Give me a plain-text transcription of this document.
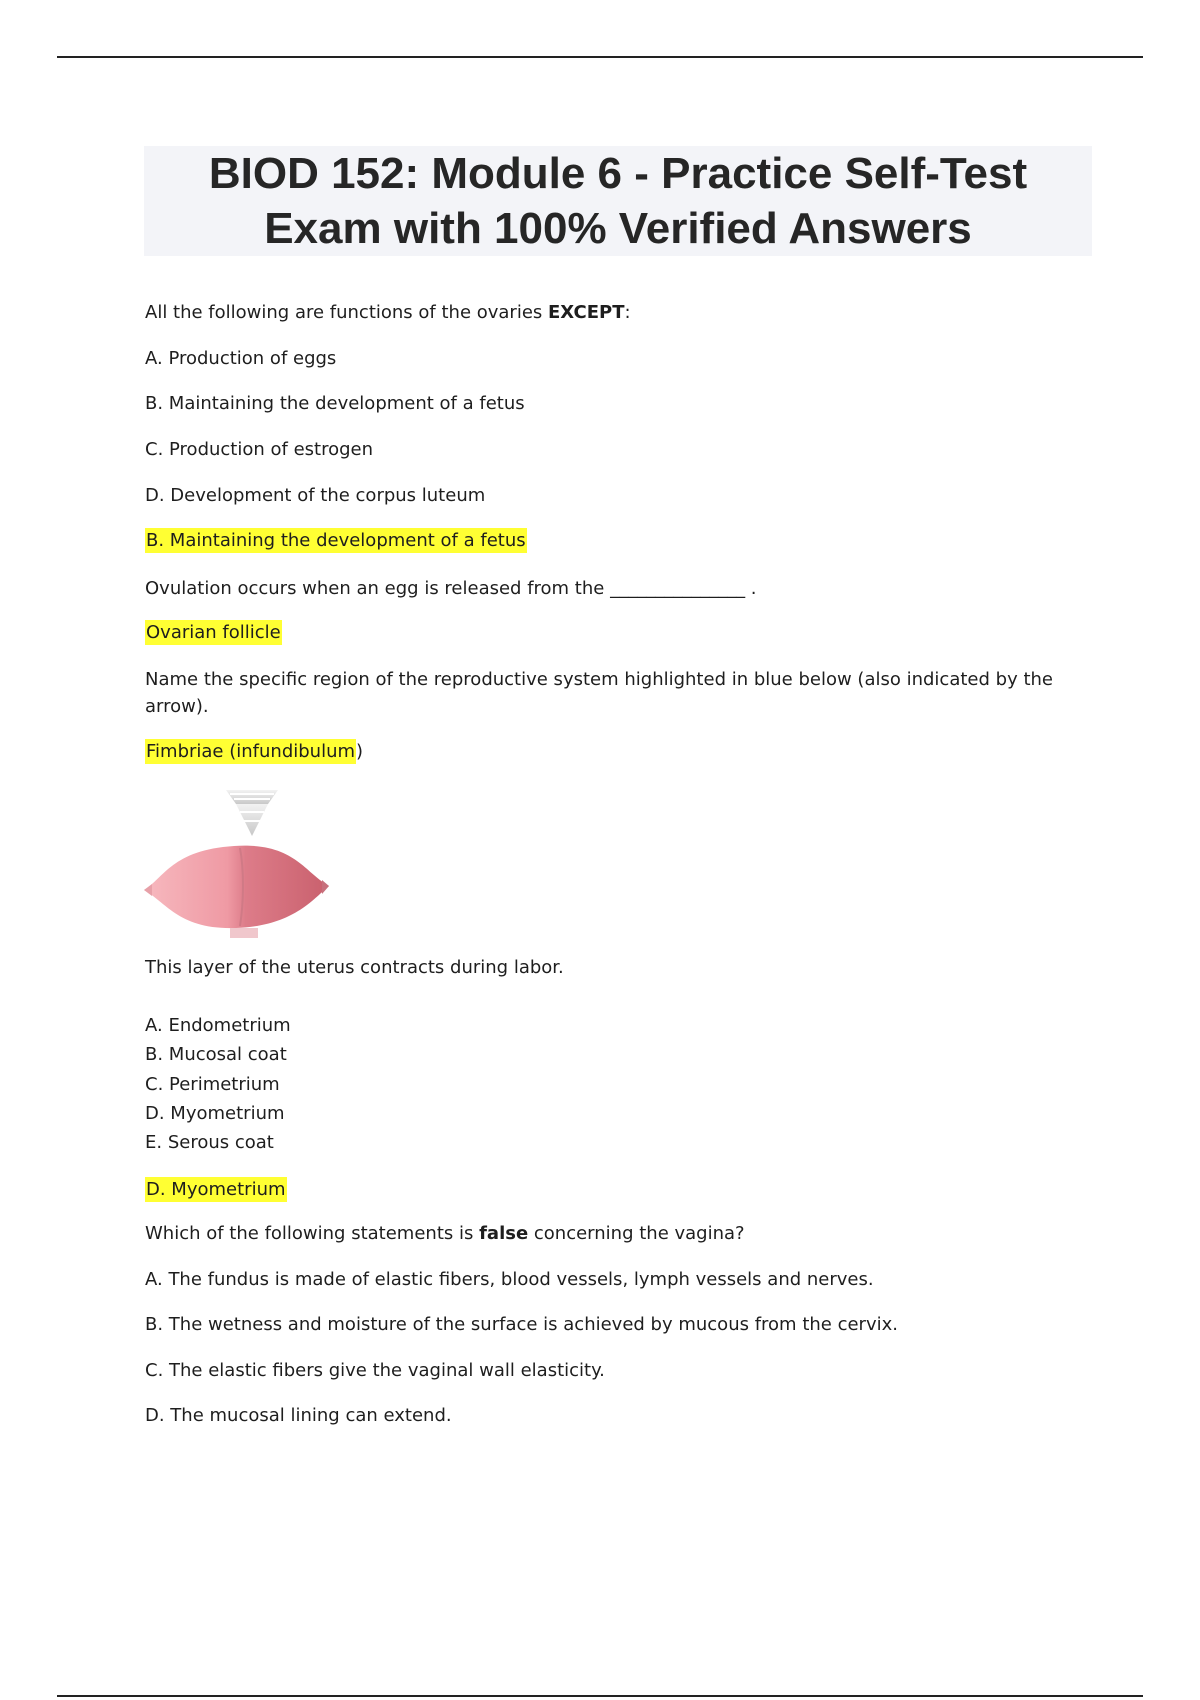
BIOD 152: Module 6 - Practice Self-Test

Exam with 100% Verified Answers

All the following are functions of the ovaries EXCEPT:

A. Production of eggs

B. Maintaining the development of a fetus

C. Production of estrogen

D. Development of the corpus luteum

B. Maintaining the development of a fetus

Ovulation occurs when an egg is released from the _______________ .

Ovarian follicle

Name the specific region of the reproductive system highlighted in blue below (also indicated by the arrow).

Fimbriae (infundibulum)

This layer of the uterus contracts during labor.

A. Endometrium

B. Mucosal coat

C. Perimetrium

D. Myometrium

E. Serous coat

D. Myometrium

Which of the following statements is false concerning the vagina?

A. The fundus is made of elastic fibers, blood vessels, lymph vessels and nerves.

B. The wetness and moisture of the surface is achieved by mucous from the cervix.

C. The elastic fibers give the vaginal wall elasticity.

D. The mucosal lining can extend.
